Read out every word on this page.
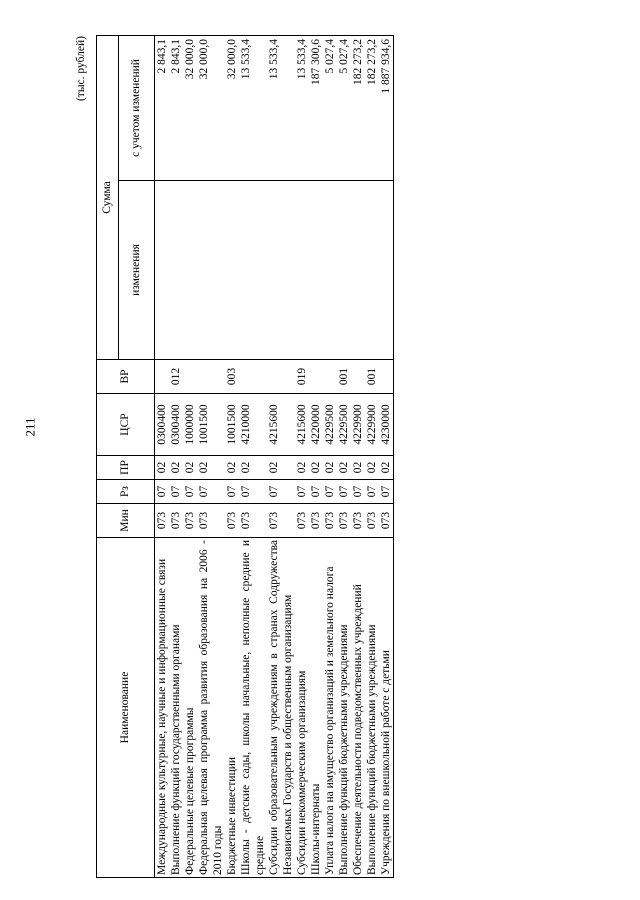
211
(тыс. рублей)
Наименование	Мин	Рз	ПР	ЦСР	ВР	Сумма	
						изменения	с учетом изменений
Международные культурные, научные и информационные связи	073	07	02	0300400			2 843,1
Выполнение функций государственными органами	073	07	02	0300400	012		2 843,1
Федеральные целевые программы	073	07	02	1000000			32 000,0
Федеральная целевая программа развития образования на 2006 - 2010 годы	073	07	02	1001500			32 000,0
Бюджетные инвестиции	073	07	02	1001500	003		32 000,0
Школы - детские сады, школы начальные, неполные средние и средние	073	07	02	4210000			13 533,4
Субсидии образовательным учреждениям в странах Содружества Независимых Государств и общественным организациям	073	07	02	4215600			13 533,4
Субсидии некоммерческим организациям	073	07	02	4215600	019		13 533,4
Школы-интернаты	073	07	02	4220000			187 300,6
Уплата налога на имущество организаций и земельного налога	073	07	02	4229500			5 027,4
Выполнение функций бюджетными учреждениями	073	07	02	4229500	001		5 027,4
Обеспечение деятельности подведомственных учреждений	073	07	02	4229900			182 273,2
Выполнение функций бюджетными учреждениями	073	07	02	4229900	001		182 273,2
Учреждения по внешкольной работе с детьми	073	07	02	4230000			1 887 934,6
